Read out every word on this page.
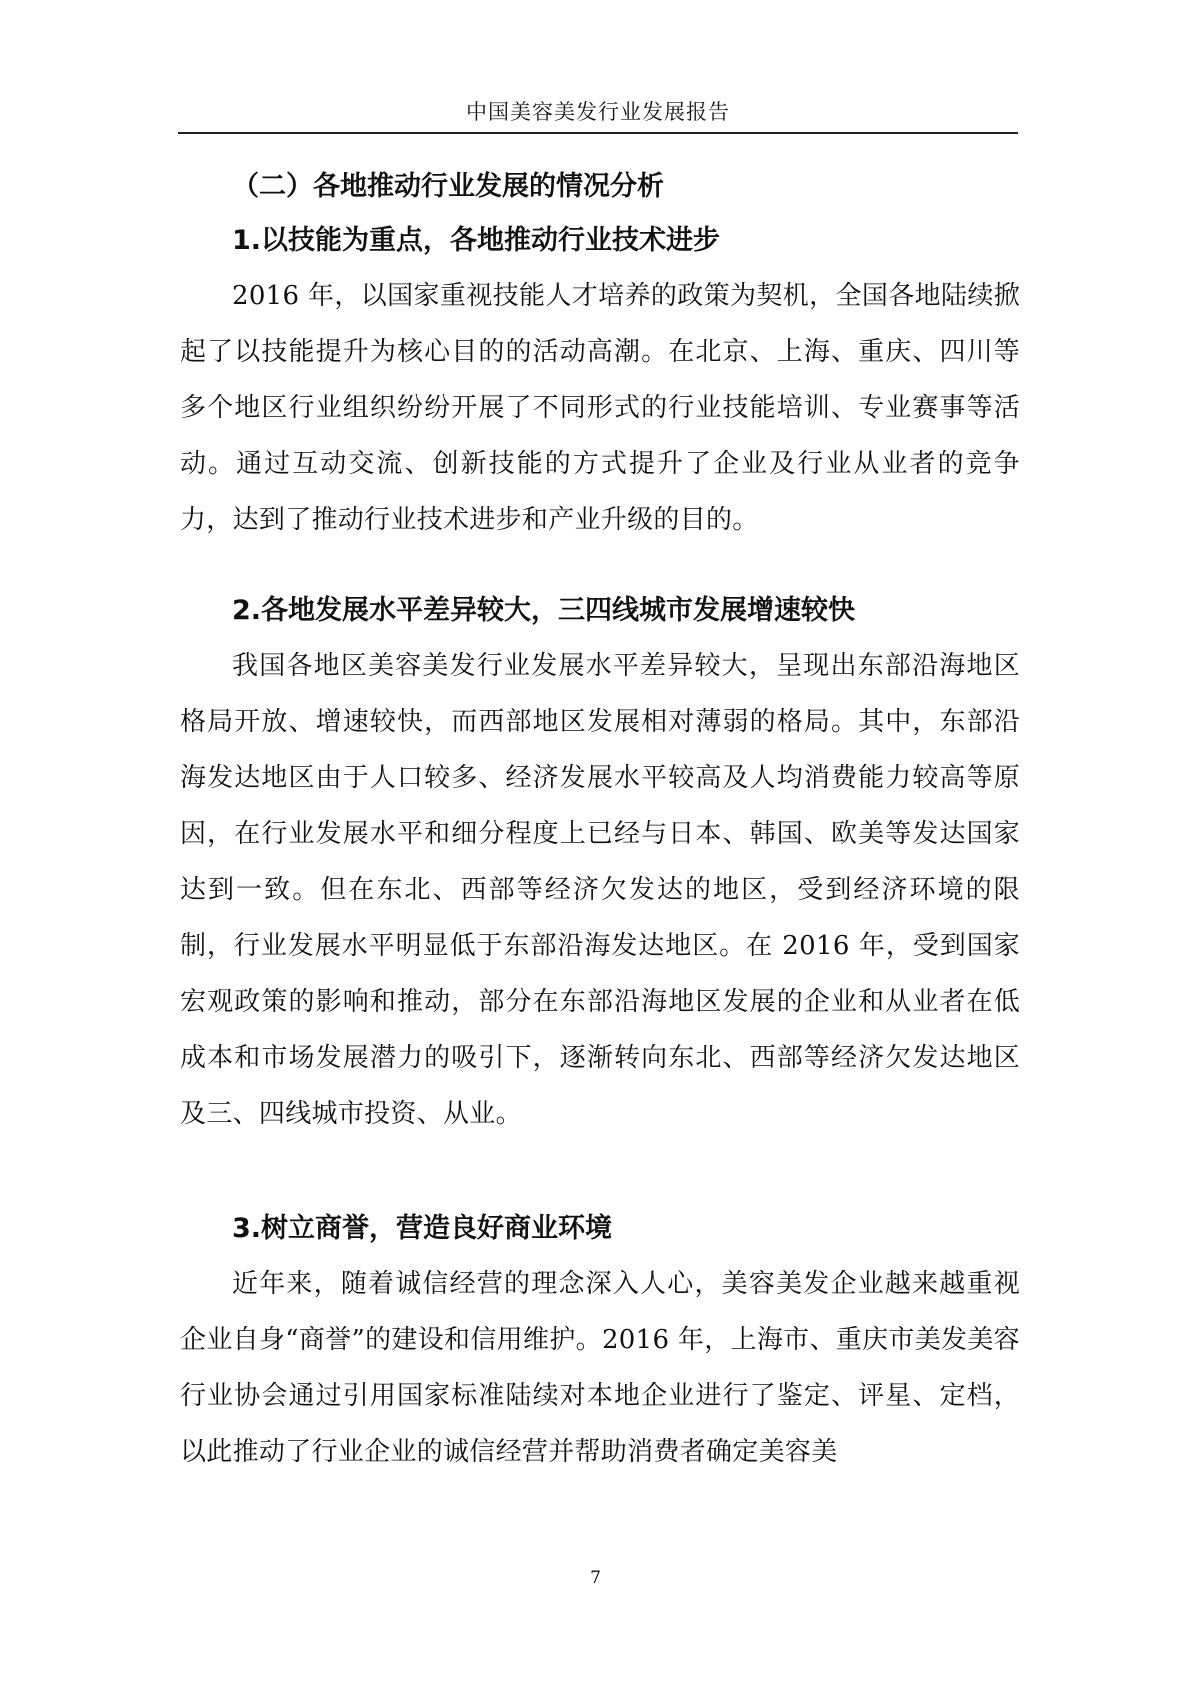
中国美容美发行业发展报告
（二）各地推动行业发展的情况分析
1.以技能为重点，各地推动行业技术进步

2016 年，以国家重视技能人才培养的政策为契机，全国各地陆续掀起了以技能提升为核心目的的活动高潮。在北京、上海、重庆、四川等多个地区行业组织纷纷开展了不同形式的行业技能培训、专业赛事等活动。通过互动交流、创新技能的方式提升了企业及行业从业者的竞争力，达到了推动行业技术进步和产业升级的目的。

2.各地发展水平差异较大，三四线城市发展增速较快

我国各地区美容美发行业发展水平差异较大，呈现出东部沿海地区格局开放、增速较快，而西部地区发展相对薄弱的格局。其中，东部沿海发达地区由于人口较多、经济发展水平较高及人均消费能力较高等原因，在行业发展水平和细分程度上已经与日本、韩国、欧美等发达国家达到一致。但在东北、西部等经济欠发达的地区，受到经济环境的限制，行业发展水平明显低于东部沿海发达地区。在 2016 年，受到国家宏观政策的影响和推动，部分在东部沿海地区发展的企业和从业者在低成本和市场发展潜力的吸引下，逐渐转向东北、西部等经济欠发达地区及三、四线城市投资、从业。

3.树立商誉，营造良好商业环境

近年来，随着诚信经营的理念深入人心，美容美发企业越来越重视企业自身“商誉”的建设和信用维护。2016 年，上海市、重庆市美发美容行业协会通过引用国家标准陆续对本地企业进行了鉴定、评星、定档，以此推动了行业企业的诚信经营并帮助消费者确定美容美

7
